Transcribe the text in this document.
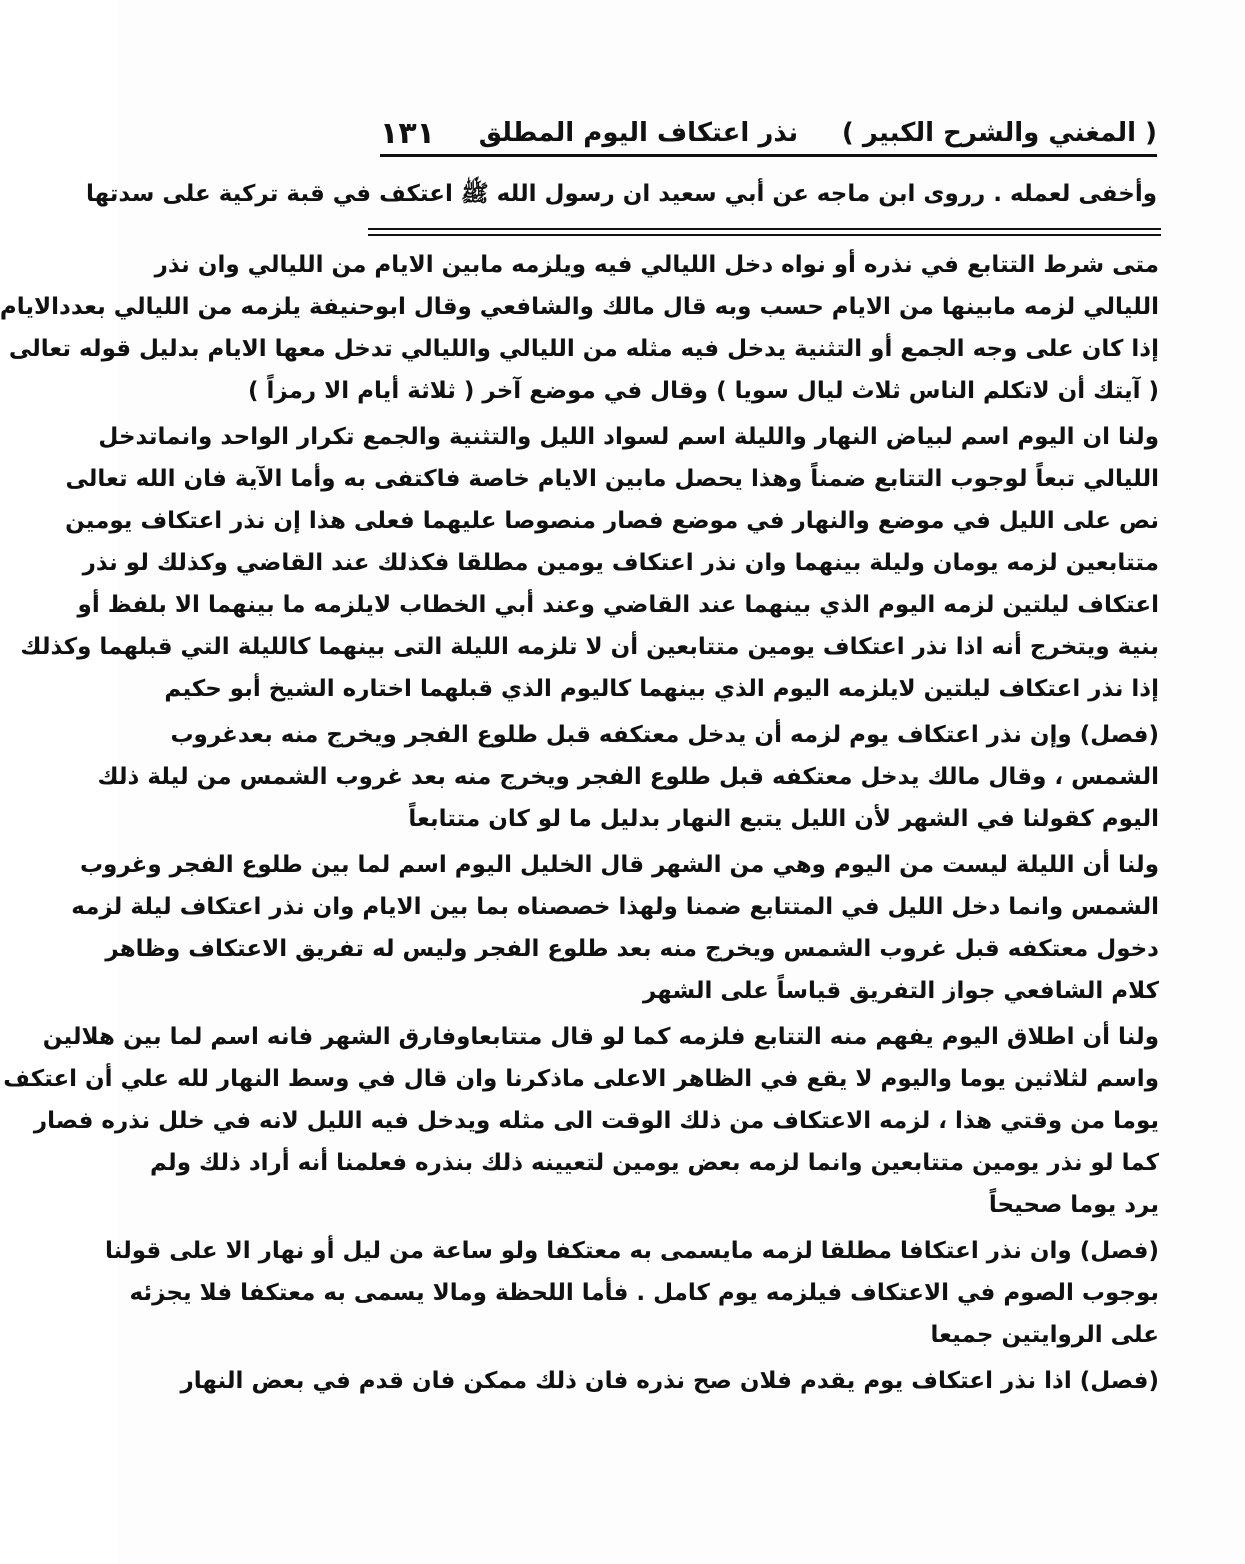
( المغني والشرح الكبير )
نذر اعتكاف اليوم المطلق
١٣١
وأخفى لعمله . رروى ابن ماجه عن أبي سعيد ان رسول الله ﷺ اعتكف في قبة تركية على سدتها
متى شرط التتابع في نذره أو نواه دخل الليالي فيه ويلزمه مابين الايام من الليالي وان نذر
الليالي لزمه مابينها من الايام حسب وبه قال مالك والشافعي وقال ابوحنيفة يلزمه من الليالي بعددالايام
إذا كان على وجه الجمع أو التثنية يدخل فيه مثله من الليالي والليالي تدخل معها الايام بدليل قوله تعالى
( آيتك أن لاتكلم الناس ثلاث ليال سويا ) وقال في موضع آخر ( ثلاثة أيام الا رمزاً )
ولنا ان اليوم اسم لبياض النهار والليلة اسم لسواد الليل والتثنية والجمع تكرار الواحد وانماتدخل
الليالي تبعاً لوجوب التتابع ضمناً وهذا يحصل مابين الايام خاصة فاكتفى به وأما الآية فان الله تعالى
نص على الليل في موضع والنهار في موضع فصار منصوصا عليهما فعلى هذا إن نذر اعتكاف يومين
متتابعين لزمه يومان وليلة بينهما وان نذر اعتكاف يومين مطلقا فكذلك عند القاضي وكذلك لو نذر
اعتكاف ليلتين لزمه اليوم الذي بينهما عند القاضي وعند أبي الخطاب لايلزمه ما بينهما الا بلفظ أو
بنية ويتخرج أنه اذا نذر اعتكاف يومين متتابعين أن لا تلزمه الليلة التى بينهما كالليلة التي قبلهما وكذلك
إذا نذر اعتكاف ليلتين لايلزمه اليوم الذي بينهما كاليوم الذي قبلهما اختاره الشيخ أبو حكيم
(فصل) وإن نذر اعتكاف يوم لزمه أن يدخل معتكفه قبل طلوع الفجر ويخرج منه بعدغروب
الشمس ، وقال مالك يدخل معتكفه قبل طلوع الفجر ويخرج منه بعد غروب الشمس من ليلة ذلك
اليوم كقولنا في الشهر لأن الليل يتبع النهار بدليل ما لو كان متتابعاً
ولنا أن الليلة ليست من اليوم وهي من الشهر قال الخليل اليوم اسم لما بين طلوع الفجر وغروب
الشمس وانما دخل الليل في المتتابع ضمنا ولهذا خصصناه بما بين الايام وان نذر اعتكاف ليلة لزمه
دخول معتكفه قبل غروب الشمس ويخرج منه بعد طلوع الفجر وليس له تفريق الاعتكاف وظاهر
كلام الشافعي جواز التفريق قياساً على الشهر
ولنا أن اطلاق اليوم يفهم منه التتابع فلزمه كما لو قال متتابعاوفارق الشهر فانه اسم لما بين هلالين
واسم لثلاثين يوما واليوم لا يقع في الظاهر الاعلى ماذكرنا وان قال في وسط النهار لله علي أن اعتكف
يوما من وقتي هذا ، لزمه الاعتكاف من ذلك الوقت الى مثله ويدخل فيه الليل لانه في خلل نذره فصار
كما لو نذر يومين متتابعين وانما لزمه بعض يومين لتعيينه ذلك بنذره فعلمنا أنه أراد ذلك ولم
يرد يوما صحيحاً
(فصل) وان نذر اعتكافا مطلقا لزمه مايسمى به معتكفا ولو ساعة من ليل أو نهار الا على قولنا
بوجوب الصوم في الاعتكاف فيلزمه يوم كامل . فأما اللحظة ومالا يسمى به معتكفا فلا يجزئه
على الروايتين جميعا
(فصل) اذا نذر اعتكاف يوم يقدم فلان صح نذره فان ذلك ممكن فان قدم في بعض النهار
